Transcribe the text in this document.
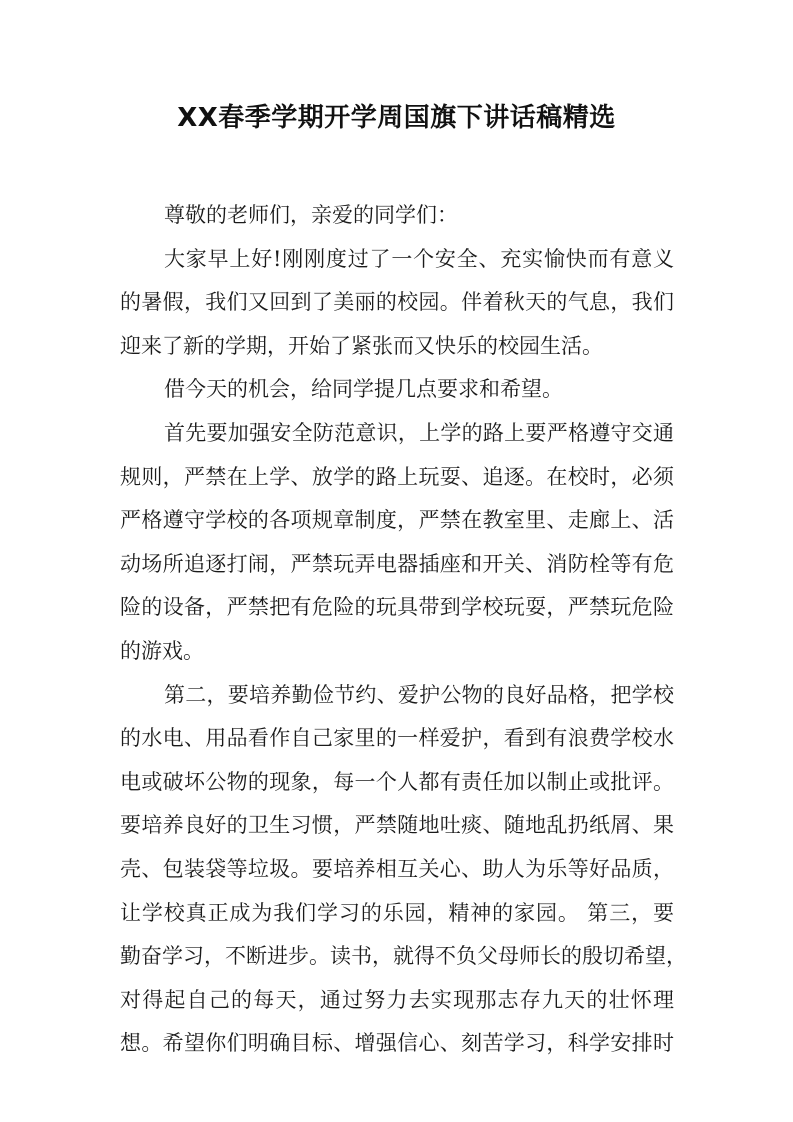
XX春季学期开学周国旗下讲话稿精选
尊敬的老师们，亲爱的同学们：
大家早上好!刚刚度过了一个安全、充实愉快而有意义
的暑假，我们又回到了美丽的校园。伴着秋天的气息，我们
迎来了新的学期，开始了紧张而又快乐的校园生活。
借今天的机会，给同学提几点要求和希望。
首先要加强安全防范意识，上学的路上要严格遵守交通
规则，严禁在上学、放学的路上玩耍、追逐。在校时，必须
严格遵守学校的各项规章制度，严禁在教室里、走廊上、活
动场所追逐打闹，严禁玩弄电器插座和开关、消防栓等有危
险的设备，严禁把有危险的玩具带到学校玩耍，严禁玩危险
的游戏。
第二，要培养勤俭节约、爱护公物的良好品格，把学校
的水电、用品看作自己家里的一样爱护，看到有浪费学校水
电或破坏公物的现象，每一个人都有责任加以制止或批评。
要培养良好的卫生习惯，严禁随地吐痰、随地乱扔纸屑、果
壳、包装袋等垃圾。要培养相互关心、助人为乐等好品质，
让学校真正成为我们学习的乐园，精神的家园。 第三，要
勤奋学习，不断进步。读书，就得不负父母师长的殷切希望，
对得起自己的每天，通过努力去实现那志存九天的壮怀理
想。希望你们明确目标、增强信心、刻苦学习，科学安排时
